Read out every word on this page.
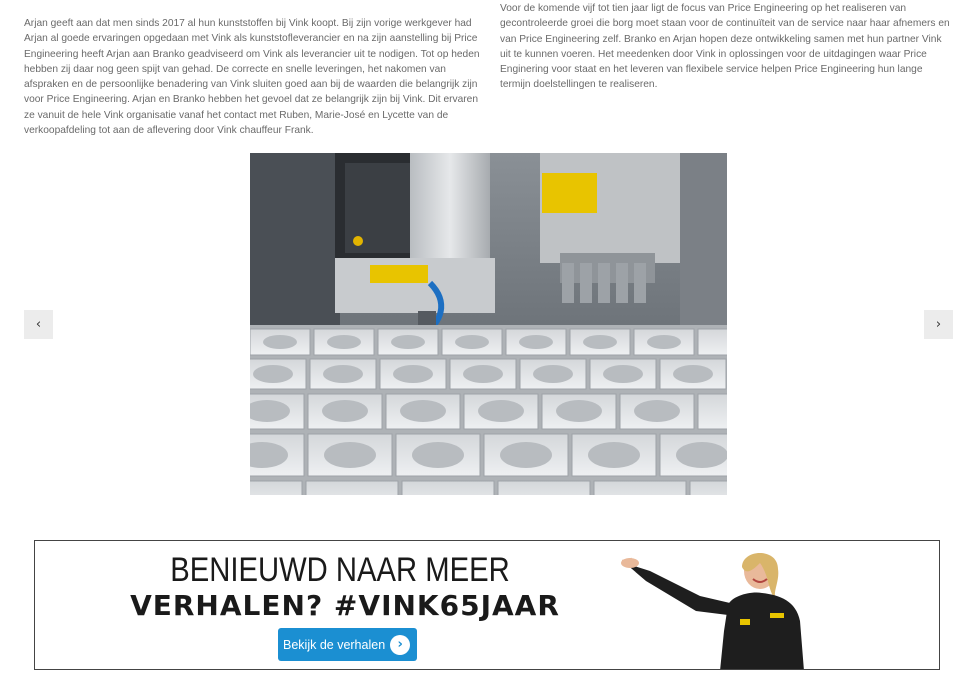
Arjan geeft aan dat men sinds 2017 al hun kunststoffen bij Vink koopt. Bij zijn vorige werkgever had Arjan al goede ervaringen opgedaan met Vink als kunststofleverancier en na zijn aanstelling bij Price Engineering heeft Arjan aan Branko geadviseerd om Vink als leverancier uit te nodigen. Tot op heden hebben zij daar nog geen spijt van gehad. De correcte en snelle leveringen, het nakomen van afspraken en de persoonlijke benadering van Vink sluiten goed aan bij de waarden die belangrijk zijn voor Price Engineering. Arjan en Branko hebben het gevoel dat ze belangrijk zijn bij Vink. Dit ervaren ze vanuit de hele Vink organisatie vanaf het contact met Ruben, Marie-José en Lycette van de verkoopafdeling tot aan de aflevering door Vink chauffeur Frank.

Voor de komende vijf tot tien jaar ligt de focus van Price Engineering op het realiseren van gecontroleerde groei die borg moet staan voor de continuïteit van de service naar haar afnemers en van Price Engineering zelf. Branko en Arjan hopen deze ontwikkeling samen met hun partner Vink uit te kunnen voeren. Het meedenken door Vink in oplossingen voor de uitdagingen waar Price Enginering voor staat en het leveren van flexibele service helpen Price Engineering hun lange termijn doelstellingen te realiseren.

‹	›
BENIEUWD NAAR MEER
VERHALEN? #VINK65JAAR
Bekijk de verhalen ›
